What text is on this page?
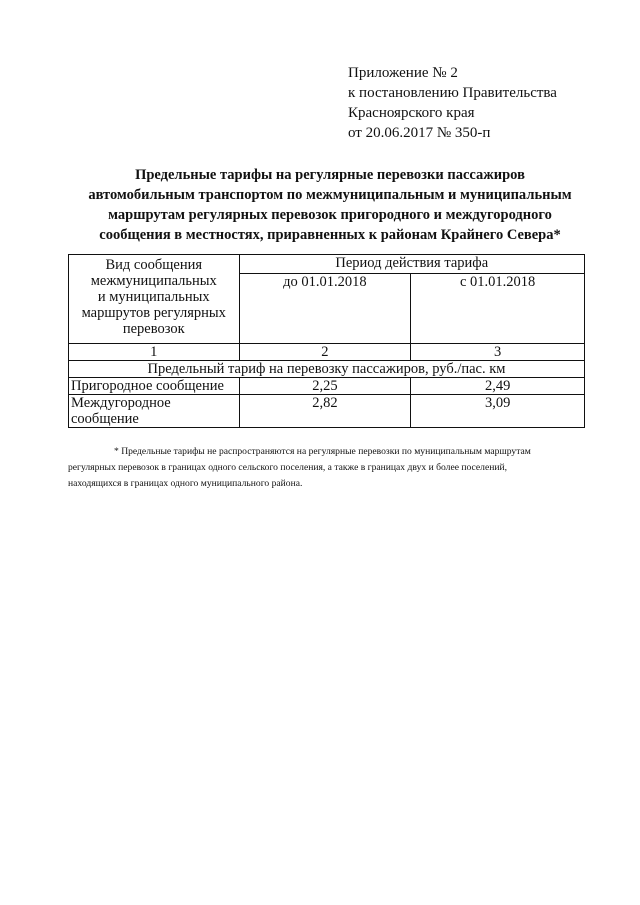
Приложение № 2
к постановлению Правительства
Красноярского края
от 20.06.2017 № 350-п
Предельные тарифы на регулярные перевозки пассажиров
автомобильным транспортом по межмуниципальным и муниципальным
маршрутам регулярных перевозок пригородного и междугородного
сообщения в местностях, приравненных к районам Крайнего Севера*
Вид сообщения
межмуниципальных
и муниципальных
маршрутов регулярных
перевозок	Период действия тарифа	
	до 01.01.2018	с 01.01.2018
1	2	3
Предельный тариф на перевозку пассажиров, руб./пас. км		
Пригородное сообщение	2,25	2,49

Междугородное
сообщение	2,82	3,09
* Предельные тарифы не распространяются на регулярные перевозки по муниципальным маршрутам
регулярных перевозок в границах одного сельского поселения, а также в границах двух и более поселений,
находящихся в границах одного муниципального района.
